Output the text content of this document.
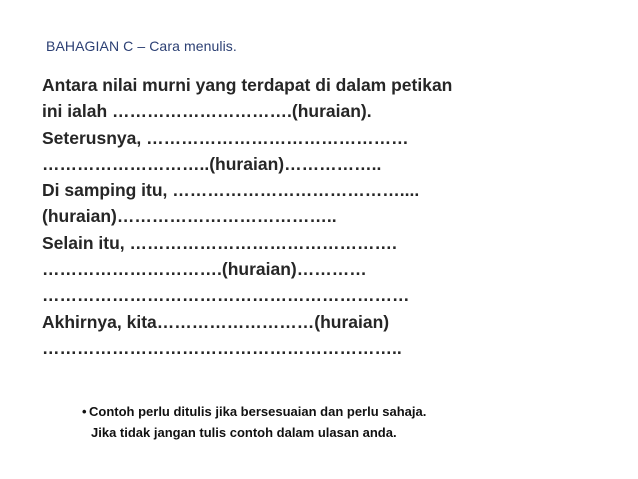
BAHAGIAN C – Cara menulis.
Antara nilai murni yang terdapat di dalam petikan
ini ialah ………………………….(huraian).
Seterusnya, ………………………………………
………………………..(huraian)……………..
Di samping itu, …………………………………....
(huraian)………………………………..
Selain itu, ……………………………………….
………………………….(huraian)…………
………………………………………………………
Akhirnya, kita………………………(huraian)
……………………………………………………..
• Contoh perlu ditulis jika bersesuaian dan perlu sahaja.
Jika tidak jangan tulis contoh dalam ulasan anda.
